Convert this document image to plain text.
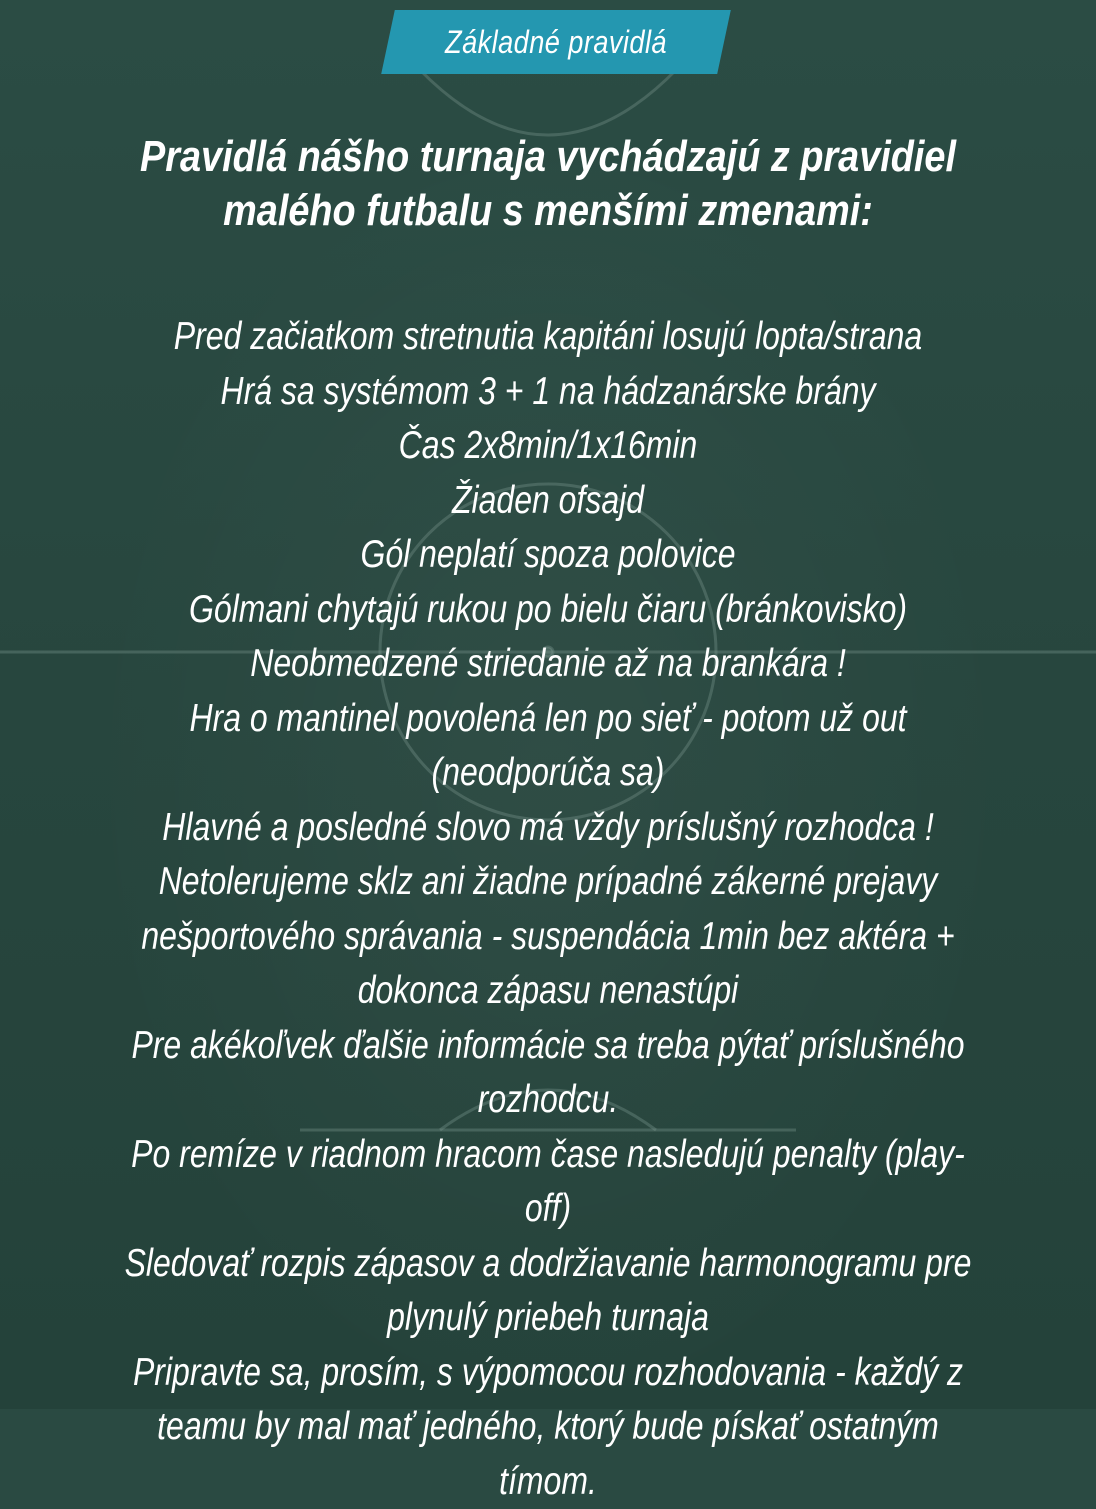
Základné pravidlá
Pravidlá nášho turnaja vychádzajú z pravidiel malého futbalu s menšími zmenami:
Pred začiatkom stretnutia kapitáni losujú lopta/strana
Hrá sa systémom 3 + 1 na hádzanárske brány
Čas 2x8min/1x16min
Žiaden ofsajd
Gól neplatí spoza polovice
Gólmani chytajú rukou po bielu čiaru (bránkovisko)
Neobmedzené striedanie až na brankára !
Hra o mantinel povolená len po sieť - potom už out (neodporúča sa)
Hlavné a posledné slovo má vždy príslušný rozhodca !
Netolerujeme sklz ani žiadne prípadné zákerné prejavy nešportového správania - suspendácia 1min bez aktéra + dokonca zápasu nenastúpi
Pre akékoľvek ďalšie informácie sa treba pýtať príslušného rozhodcu.
Po remíze v riadnom hracom čase nasledujú penalty (play-off)
Sledovať rozpis zápasov a dodržiavanie harmonogramu pre plynulý priebeh turnaja
Pripravte sa, prosím, s výpomocou rozhodovania - každý z teamu by mal mať jedného, ktorý bude pískať ostatným tímom.
